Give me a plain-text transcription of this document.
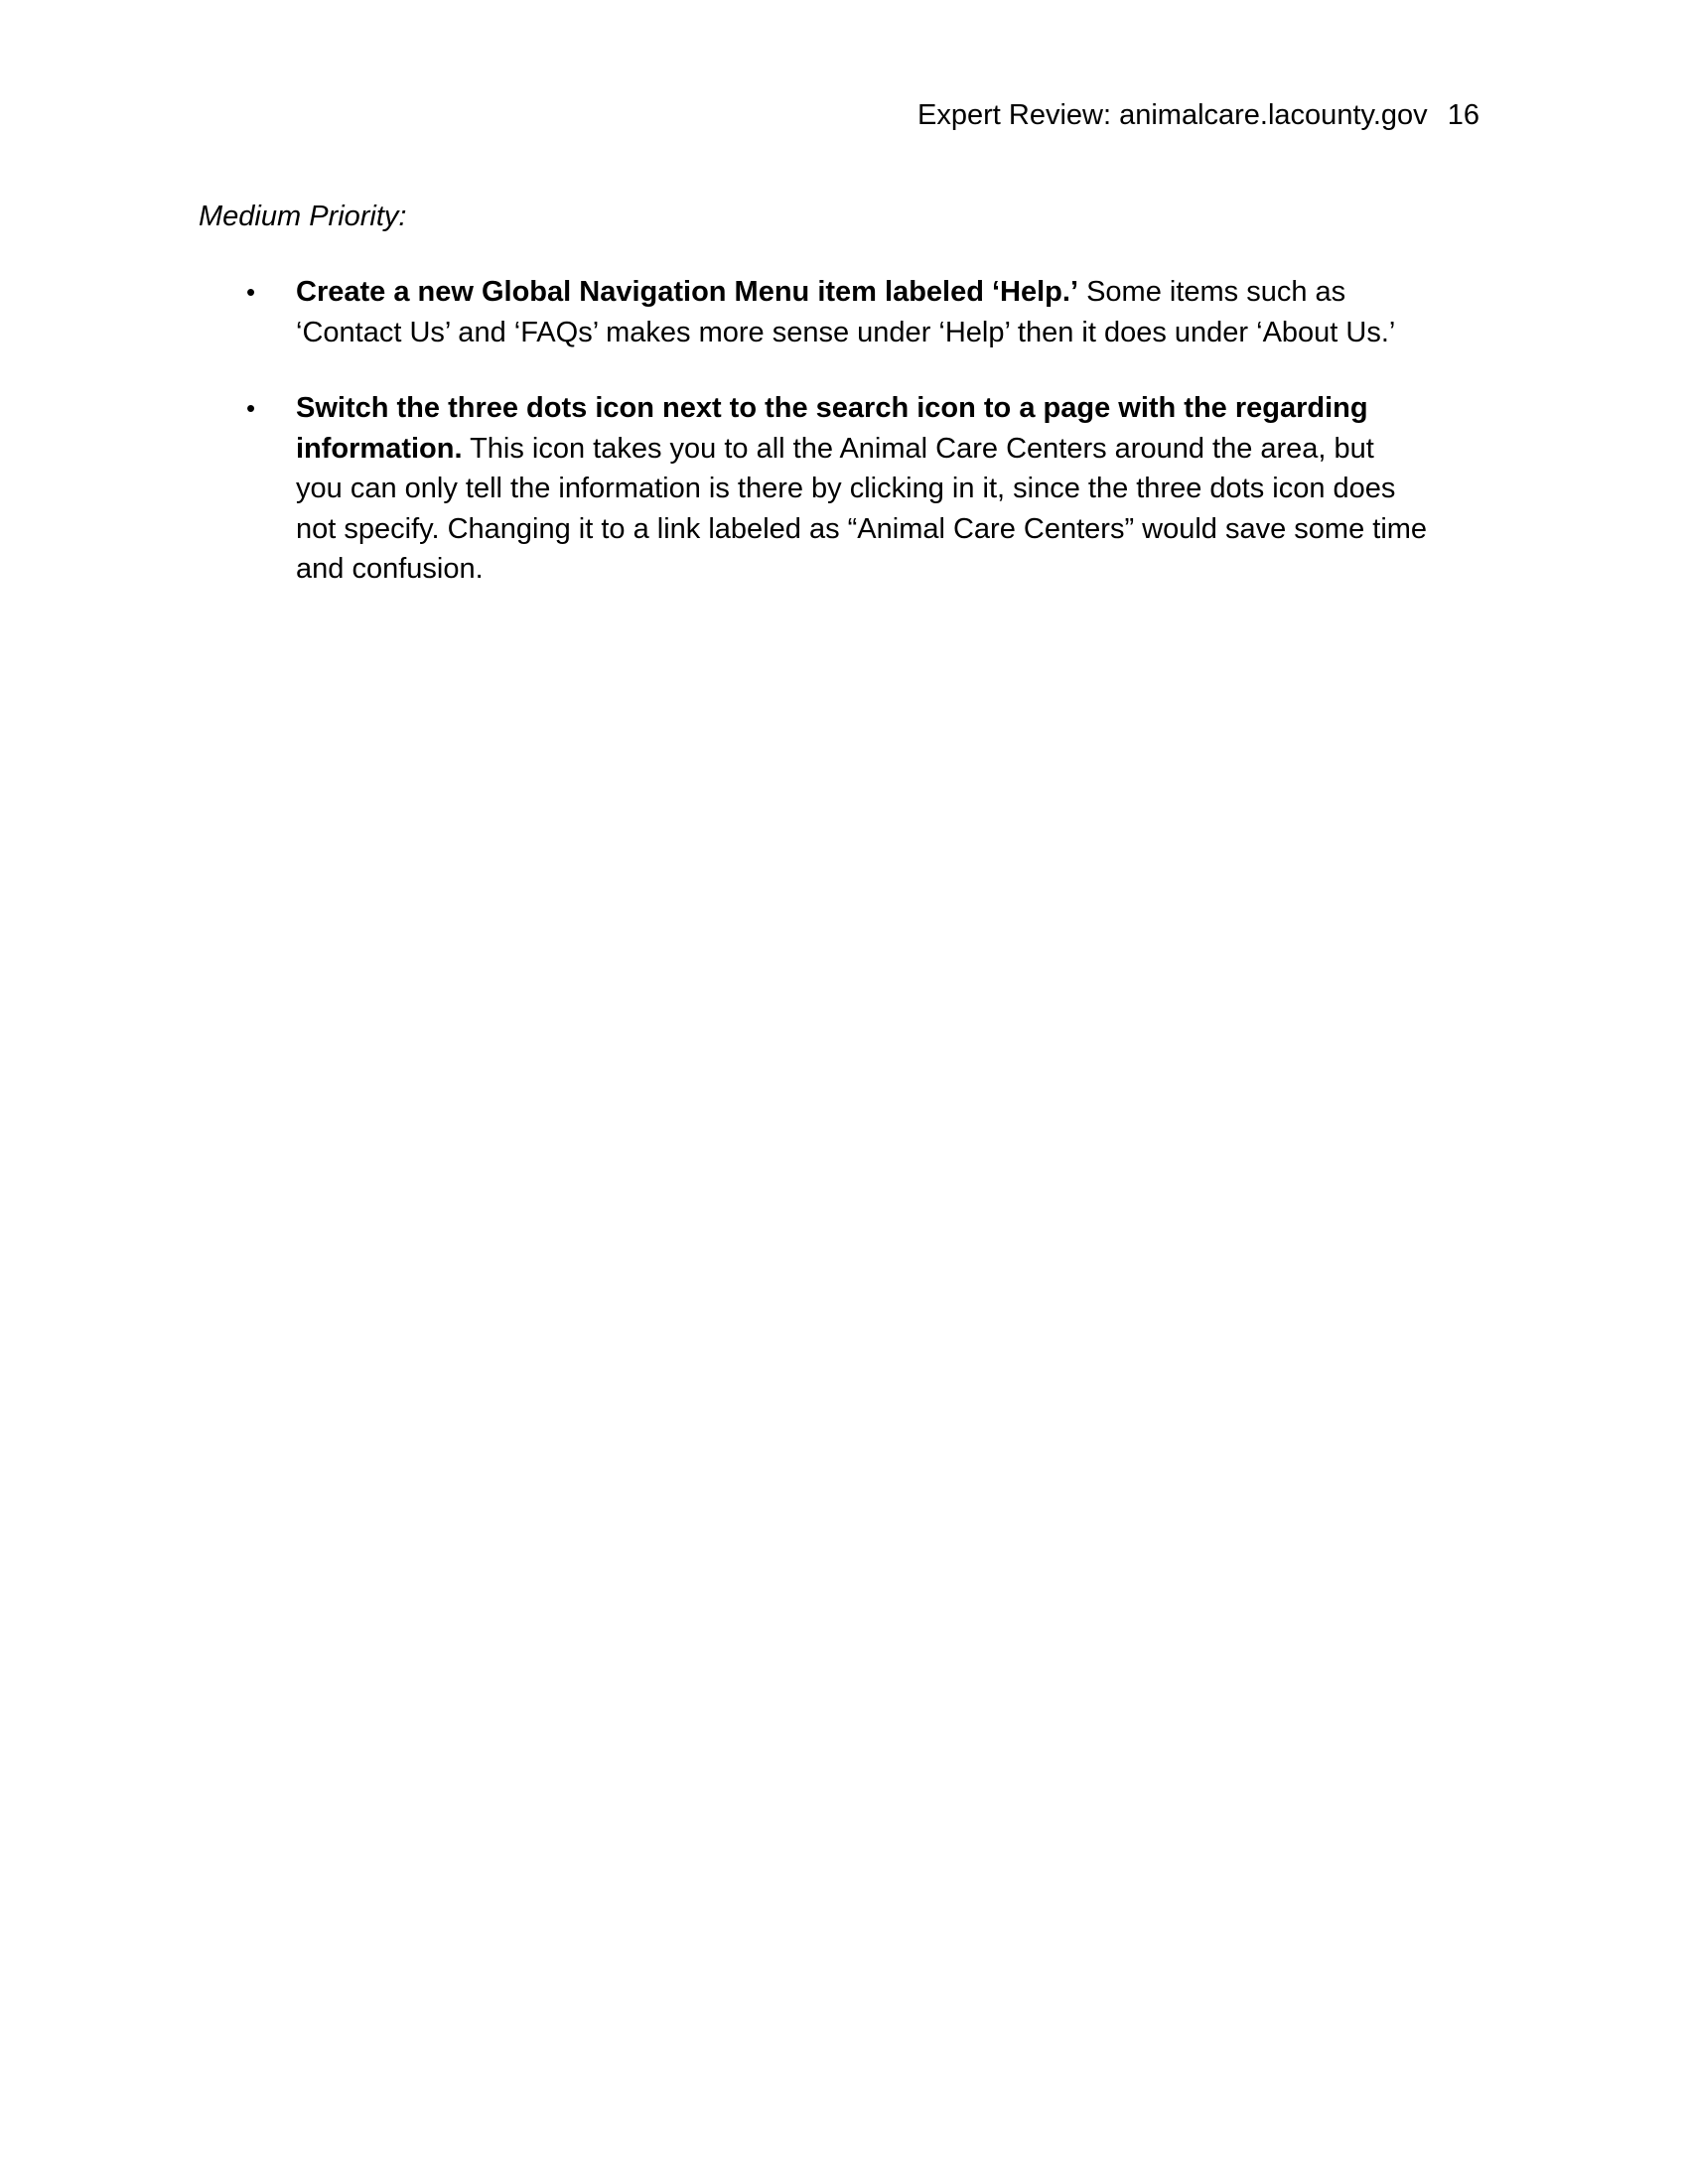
Expert Review: animalcare.lacounty.gov 16
Medium Priority:
• Create a new Global Navigation Menu item labeled ‘Help.’ Some items such as ‘Contact Us’ and ‘FAQs’ makes more sense under ‘Help’ then it does under ‘About Us.’
• Switch the three dots icon next to the search icon to a page with the regarding information. This icon takes you to all the Animal Care Centers around the area, but you can only tell the information is there by clicking in it, since the three dots icon does not specify. Changing it to a link labeled as “Animal Care Centers” would save some time and confusion.
